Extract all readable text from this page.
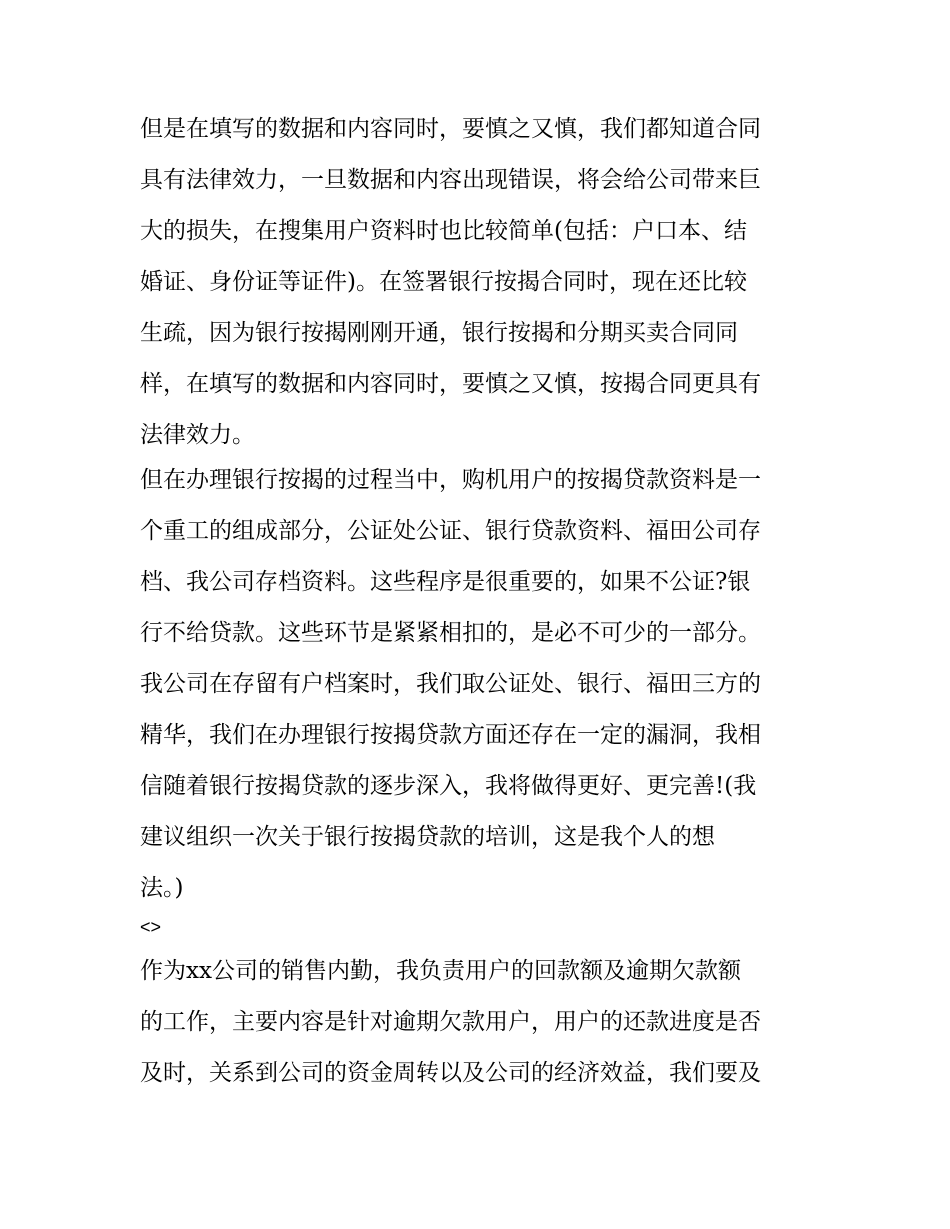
但是在填写的数据和内容同时，要慎之又慎，我们都知道合同
具有法律效力，一旦数据和内容出现错误，将会给公司带来巨
大的损失，在搜集用户资料时也比较简单(包括：户口本、结
婚证、身份证等证件)。在签署银行按揭合同时，现在还比较
生疏，因为银行按揭刚刚开通，银行按揭和分期买卖合同同
样，在填写的数据和内容同时，要慎之又慎，按揭合同更具有
法律效力。
但在办理银行按揭的过程当中，购机用户的按揭贷款资料是一
个重工的组成部分，公证处公证、银行贷款资料、福田公司存
档、我公司存档资料。这些程序是很重要的，如果不公证?银
行不给贷款。这些环节是紧紧相扣的，是必不可少的一部分。
我公司在存留有户档案时，我们取公证处、银行、福田三方的
精华，我们在办理银行按揭贷款方面还存在一定的漏洞，我相
信随着银行按揭贷款的逐步深入，我将做得更好、更完善!(我
建议组织一次关于银行按揭贷款的培训，这是我个人的想
法。)
<>
作为xx公司的销售内勤，我负责用户的回款额及逾期欠款额
的工作，主要内容是针对逾期欠款用户，用户的还款进度是否
及时，关系到公司的资金周转以及公司的经济效益，我们要及
